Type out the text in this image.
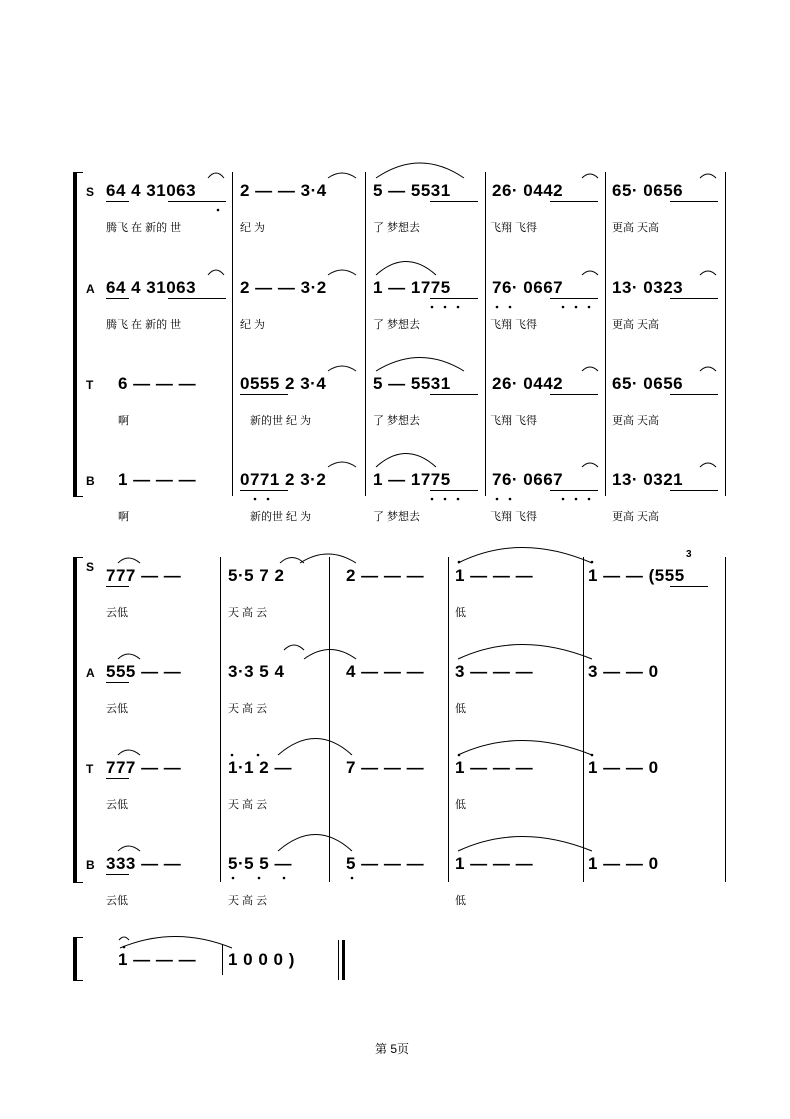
S 64 4 31063	2 — — 3·4	5 — 5531 26· 0442	65· 0656
腾飞 在 新的 世	纪 为	了 梦想去	飞翔 飞得	更高 天高
A 64 4 31063	2 — — 3·2	1 — 1775 76· 0667	13· 0323
腾飞 在 新的 世	纪 为	了 梦想去	飞翔 飞得	更高 天高
T 6 — — —	0555 2 3·4	5 — 5531 26· 0442	65· 0656
啊	新的世 纪 为	了 梦想去	飞翔 飞得	更高 天高
B 1 — — —	0771 2 3·2	1 — 1775 76· 0667	13· 0321
啊	新的世 纪 为	了 梦想去	飞翔 飞得	更高 天高
S 777 — —	5·5 7 2	2 — — — 1 — — —	1 — — (555
3
云低	天 高 云	低
A 555 — —	3·3 5 4	4 — — — 3 — — —	3 — — 0
云低	天 高 云	低
T 777 — —	1·1 2 —	7 — — — 1 — — —	1 — — 0
云低	天 高 云	低
B 333 — —	5·5 5 —	5 — — — 1 — — —	1 — — 0
云低	天 高 云	低
1 — — — 1 0 0 0 )
第 5页
